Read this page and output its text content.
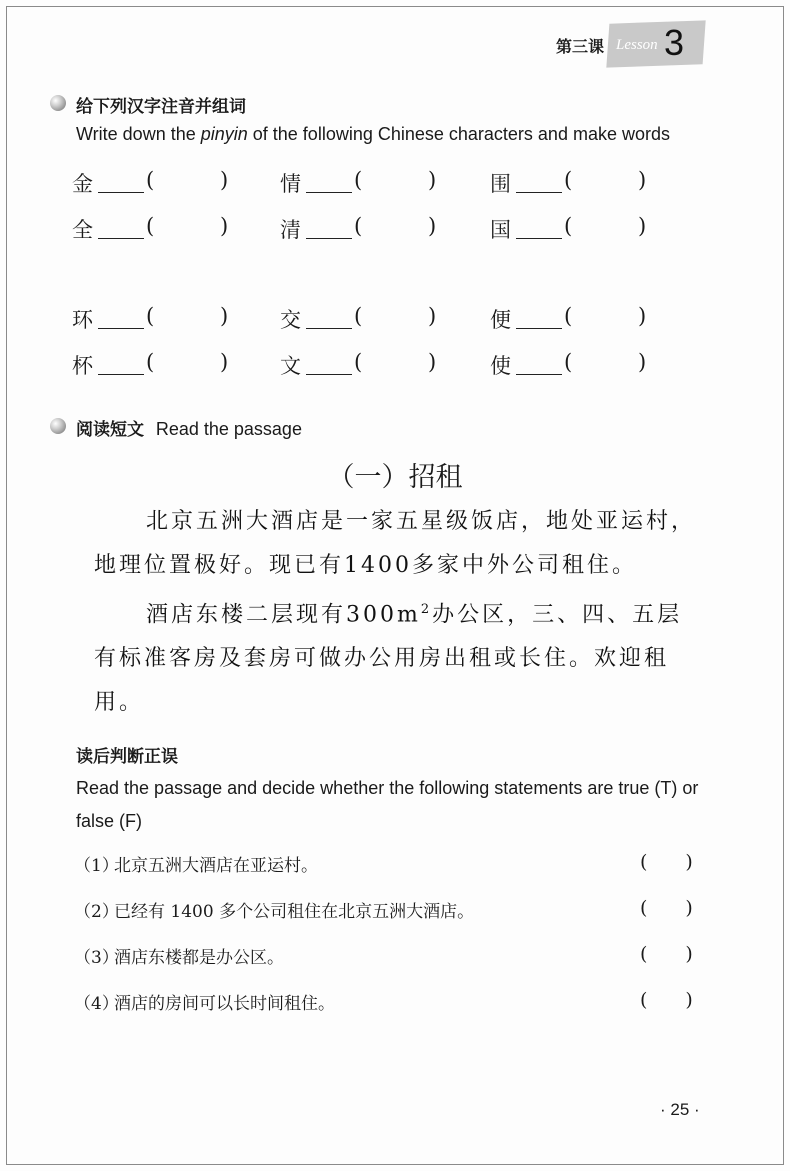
第三课 Lesson 3
给下列汉字注音并组词
Write down the pinyin of the following Chinese characters and make words
金	(	) 情	(	)	围	(	)
全	(	) 清	(	)	国	(	)
环	(	) 交	(	)	便	(	)
杯	(	) 文	(	)	使	(	)
阅读短文 Read the passage
（一）招租

北京五洲大酒店是一家五星级饭店，地处亚运村，地理位置极好。现已有1400多家中外公司租住。

酒店东楼二层现有$300m^2$办公区，三、四、五层有标准客房及套房可做办公用房出租或长住。欢迎租用。

读后判断正误
Read the passage and decide whether the following statements are true (T) or false (F)
（1）
北京五洲大酒店在亚运村。	( )
（2）
已经有 1400 多个公司租住在北京五洲大酒店。	( )
（3）
酒店东楼都是办公区。	( )
（4）
酒店的房间可以长时间租住。	( )
· 25 ·
